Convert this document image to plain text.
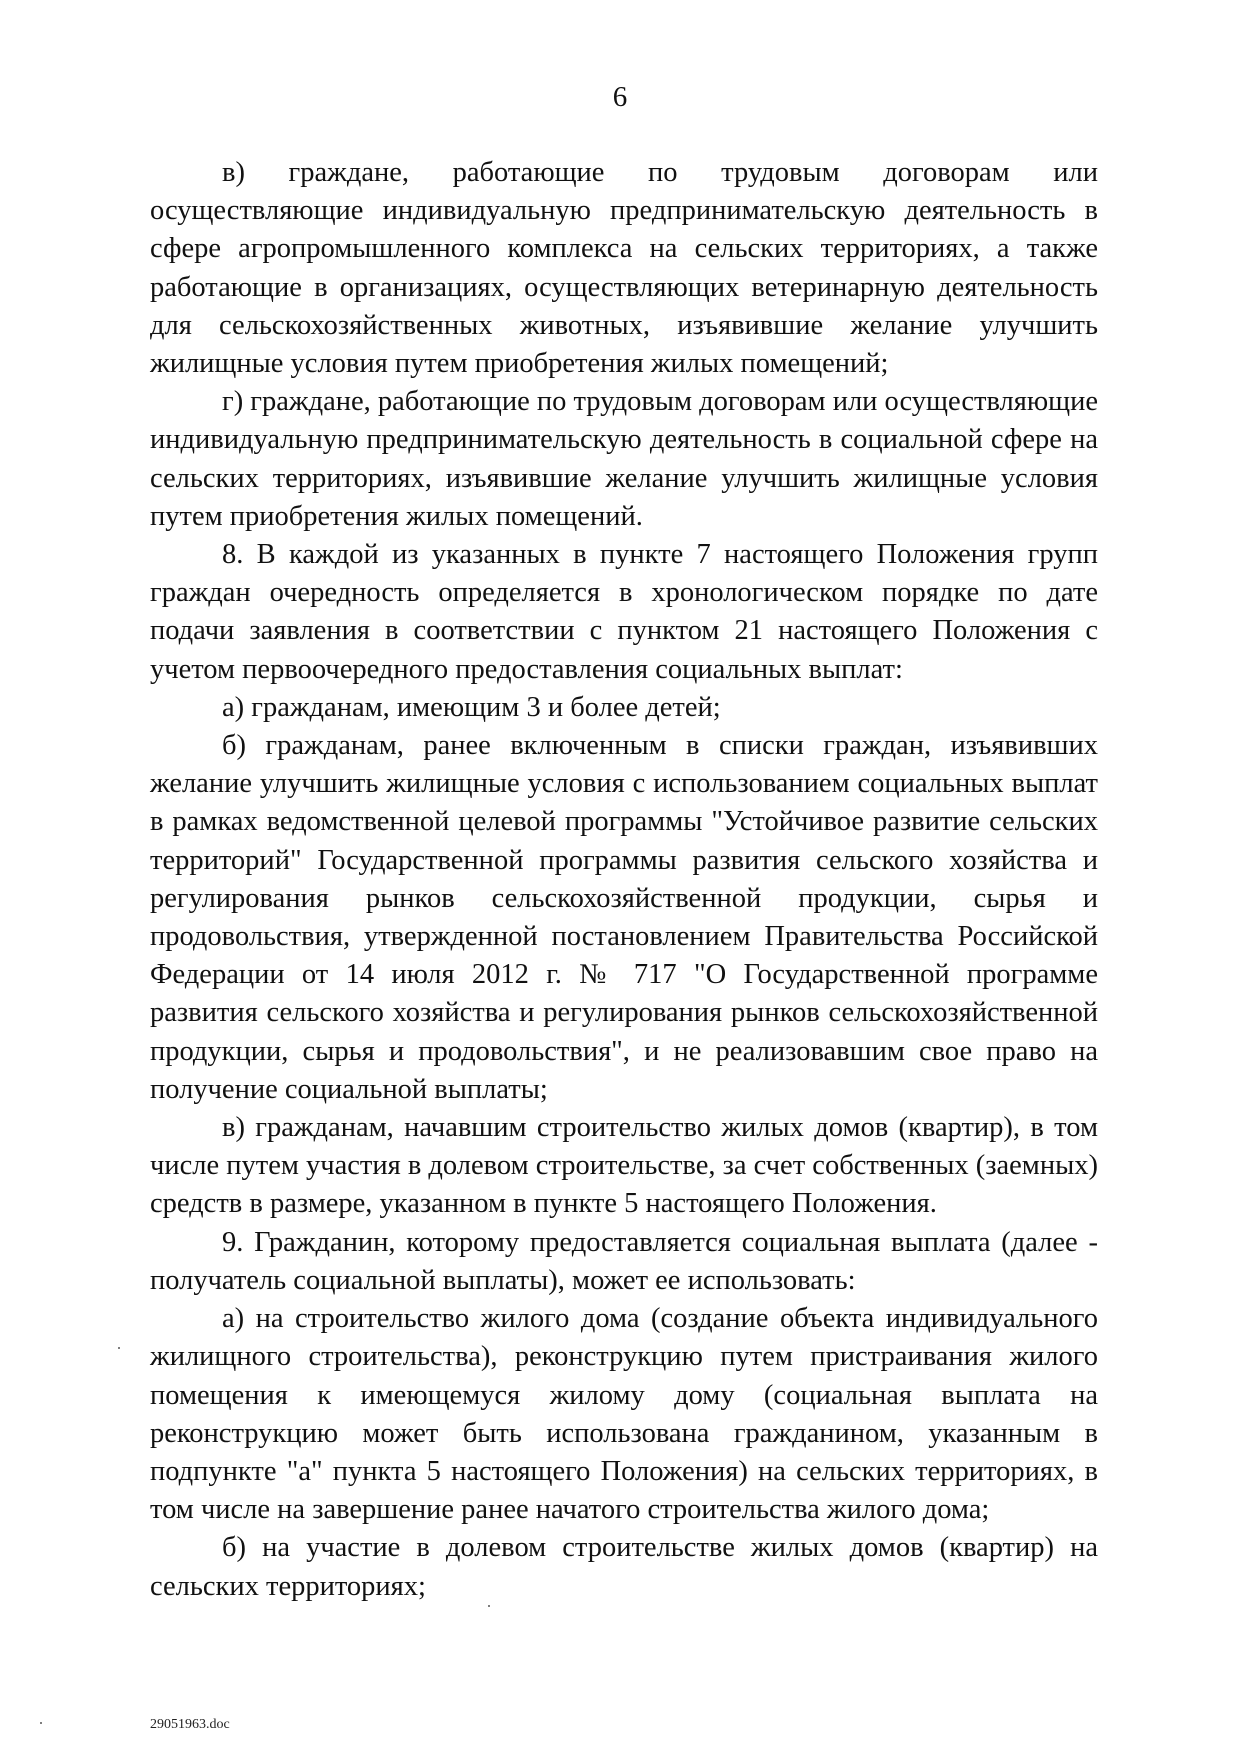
6

в) граждане, работающие по трудовым договорам или осуществляющие индивидуальную предпринимательскую деятельность в сфере агропромышленного комплекса на сельских территориях, а также работающие в организациях, осуществляющих ветеринарную деятельность для сельскохозяйственных животных, изъявившие желание улучшить жилищные условия путем приобретения жилых помещений;

г) граждане, работающие по трудовым договорам или осуществляющие индивидуальную предпринимательскую деятельность в социальной сфере на сельских территориях, изъявившие желание улучшить жилищные условия путем приобретения жилых помещений.

8. В каждой из указанных в пункте 7 настоящего Положения групп граждан очередность определяется в хронологическом порядке по дате подачи заявления в соответствии с пунктом 21 настоящего Положения с учетом первоочередного предоставления социальных выплат:

а) гражданам, имеющим 3 и более детей;

б) гражданам, ранее включенным в списки граждан, изъявивших желание улучшить жилищные условия с использованием социальных выплат в рамках ведомственной целевой программы "Устойчивое развитие сельских территорий" Государственной программы развития сельского хозяйства и регулирования рынков сельскохозяйственной продукции, сырья и продовольствия, утвержденной постановлением Правительства Российской Федерации от 14 июля 2012 г. № 717 "О Государственной программе развития сельского хозяйства и регулирования рынков сельскохозяйственной продукции, сырья и продовольствия", и не реализовавшим свое право на получение социальной выплаты;

в) гражданам, начавшим строительство жилых домов (квартир), в том числе путем участия в долевом строительстве, за счет собственных (заемных) средств в размере, указанном в пункте 5 настоящего Положения.

9. Гражданин, которому предоставляется социальная выплата (далее - получатель социальной выплаты), может ее использовать:

а) на строительство жилого дома (создание объекта индивидуального жилищного строительства), реконструкцию путем пристраивания жилого помещения к имеющемуся жилому дому (социальная выплата на реконструкцию может быть использована гражданином, указанным в подпункте "а" пункта 5 настоящего Положения) на сельских территориях, в том числе на завершение ранее начатого строительства жилого дома;

б) на участие в долевом строительстве жилых домов (квартир) на сельских территориях;

29051963.doc
